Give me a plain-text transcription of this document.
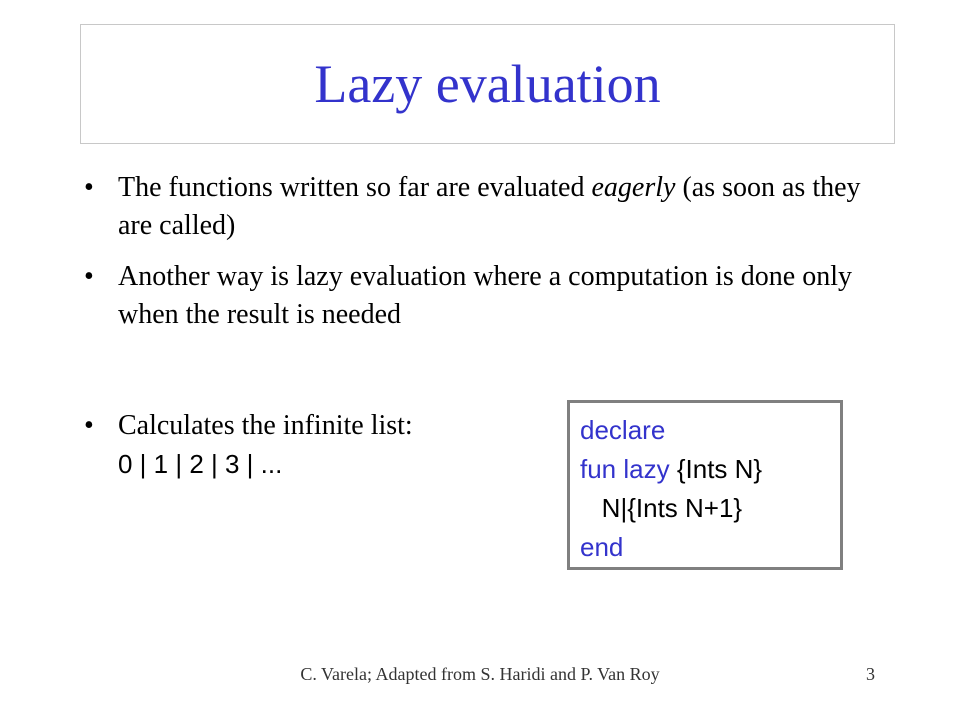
Lazy evaluation
• The functions written so far are evaluated eagerly (as soon as they are called)
• Another way is lazy evaluation where a computation is done only when the result is needed
• Calculates the infinite list:
0 | 1 | 2 | 3 | ...
declare
fun lazy {Ints N}
N|{Ints N+1}
end
C. Varela; Adapted from S. Haridi and P. Van Roy	3
